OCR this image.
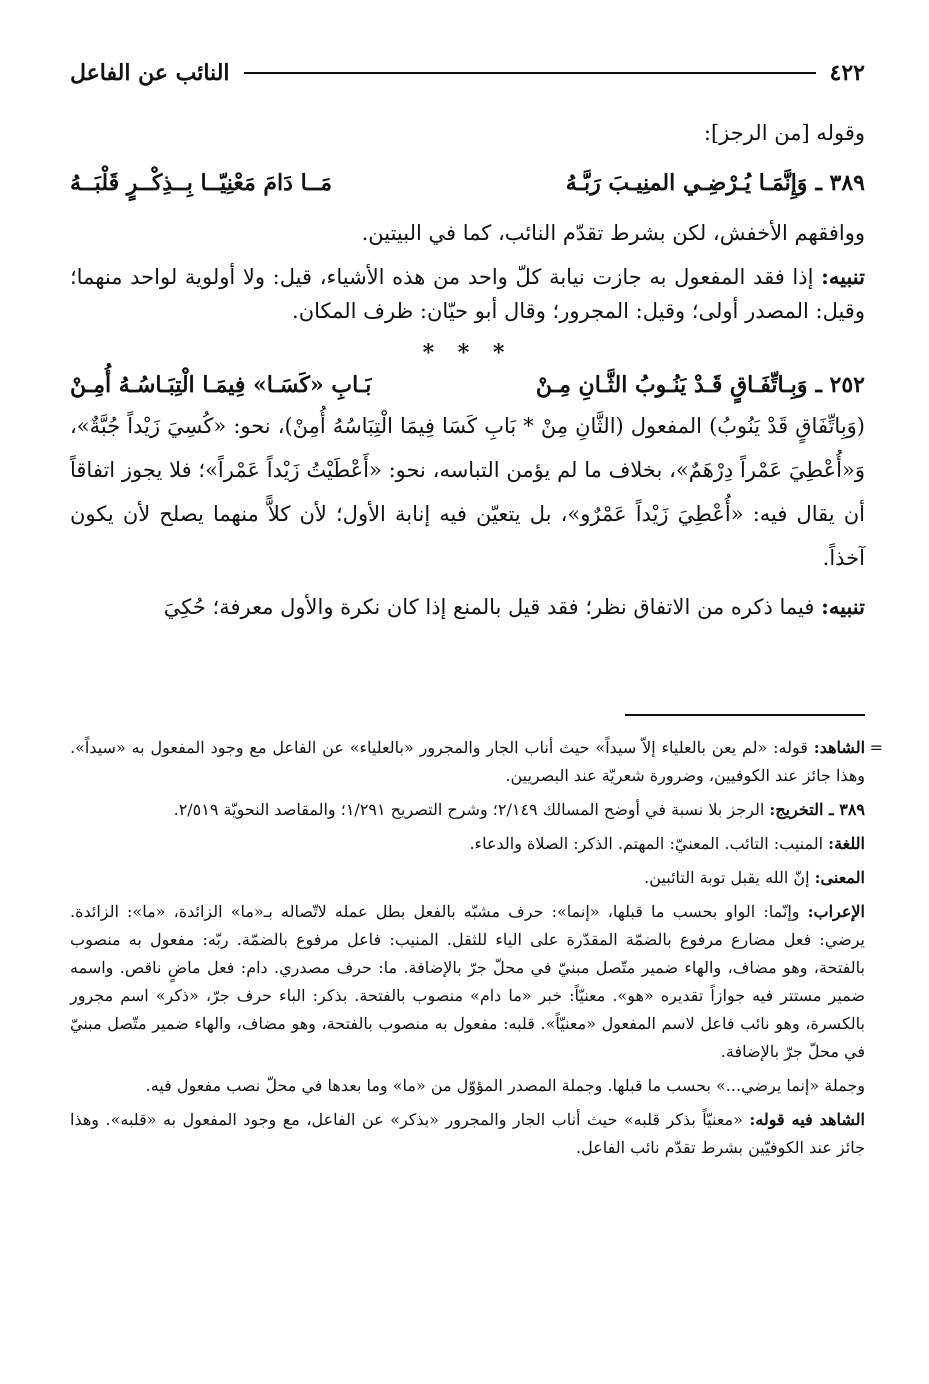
٤٢٢
النائب عن الفاعل
وقوله [من الرجز]:
٣٨٩ ـ
وَإِنَّمَـا يُـرْضِـي المنِيـبَ رَبَّـهُ
مَــا دَامَ مَعْنِيّــا بِــذِكْــرٍ قَلْبَــهُ

ووافقهم الأخفش، لكن بشرط تقدّم النائب، كما في البيتين.

تنبيه: إذا فقد المفعول به جازت نيابة كلّ واحد من هذه الأشياء، قيل: ولا أولوية لواحد منهما؛ وقيل: المصدر أولى؛ وقيل: المجرور؛ وقال أبو حيّان: ظرف المكان.

* * *
٢٥٢ ـ
وَبِـاتِّفَـاقٍ قَـدْ يَنُـوبُ الثَّـانِ مِـنْ
بَـابِ «كَسَـا» فِيمَـا الْتِبَـاسُـهُ أُمِـنْ

(وَبِاتِّفَاقٍ قَدْ يَنُوبُ) المفعول (الثَّانِ مِنْ * بَابِ كَسَا فِيمَا الْتِبَاسُهُ أُمِنْ)، نحو: «كُسِيَ زَيْداً جُبَّةٌ»، وَ«أُعْطِيَ عَمْراً دِرْهَمٌ»، بخلاف ما لم يؤمن التباسه، نحو: «أَعْطَيْتُ زَيْداً عَمْراً»؛ فلا يجوز اتفاقاً أن يقال فيه: «أُعْطِيَ زَيْداً عَمْرٌو»، بل يتعيّن فيه إنابة الأول؛ لأن كلاًّ منهما يصلح لأن يكون آخذاً.

تنبيه: فيما ذكره من الاتفاق نظر؛ فقد قيل بالمنع إذا كان نكرة والأول معرفة؛ حُكِيَ

=

الشاهد: قوله: «لم يعن بالعلياء إلاّ سيداً» حيث أناب الجار والمجرور «بالعلياء» عن الفاعل مع وجود المفعول به «سيداً». وهذا جائز عند الكوفيين، وضرورة شعريّة عند البصريين.

٣٨٩ ـ التخريج: الرجز بلا نسبة في أوضح المسالك ٢/١٤٩؛ وشرح التصريح ١/٢٩١؛ والمقاصد النحويّة ٢/٥١٩.

اللغة: المنيب: التائب. المعنيّ: المهتم. الذكر: الصلاة والدعاء.

المعنى: إنّ الله يقبل توبة التائبين.

الإعراب: وإنّما: الواو بحسب ما قبلها، «إنما»: حرف مشبّه بالفعل بطل عمله لاتّصاله بـ«ما» الزائدة، «ما»: الزائدة. يرضي: فعل مضارع مرفوع بالضمّة المقدّرة على الياء للثقل. المنيب: فاعل مرفوع بالضمّة. ربّه: مفعول به منصوب بالفتحة، وهو مضاف، والهاء ضمير متّصل مبنيّ في محلّ جرّ بالإضافة. ما: حرف مصدري. دام: فعل ماضٍ ناقص. واسمه ضمير مستتر فيه جوازاً تقديره «هو». معنيّاً: خبر «ما دام» منصوب بالفتحة. بذكر: الباء حرف جرّ، «ذكر» اسم مجرور بالكسرة، وهو نائب فاعل لاسم المفعول «معنيّاً». قلبه: مفعول به منصوب بالفتحة، وهو مضاف، والهاء ضمير متّصل مبنيّ في محلّ جرّ بالإضافة.

وجملة «إنما يرضي...» بحسب ما قبلها. وجملة المصدر المؤوّل من «ما» وما بعدها في محلّ نصب مفعول فيه.

الشاهد فيه قوله: «معنيّاً بذكر قلبه» حيث أناب الجار والمجرور «بذكر» عن الفاعل، مع وجود المفعول به «قلبه». وهذا جائز عند الكوفيّين بشرط تقدّم نائب الفاعل.
